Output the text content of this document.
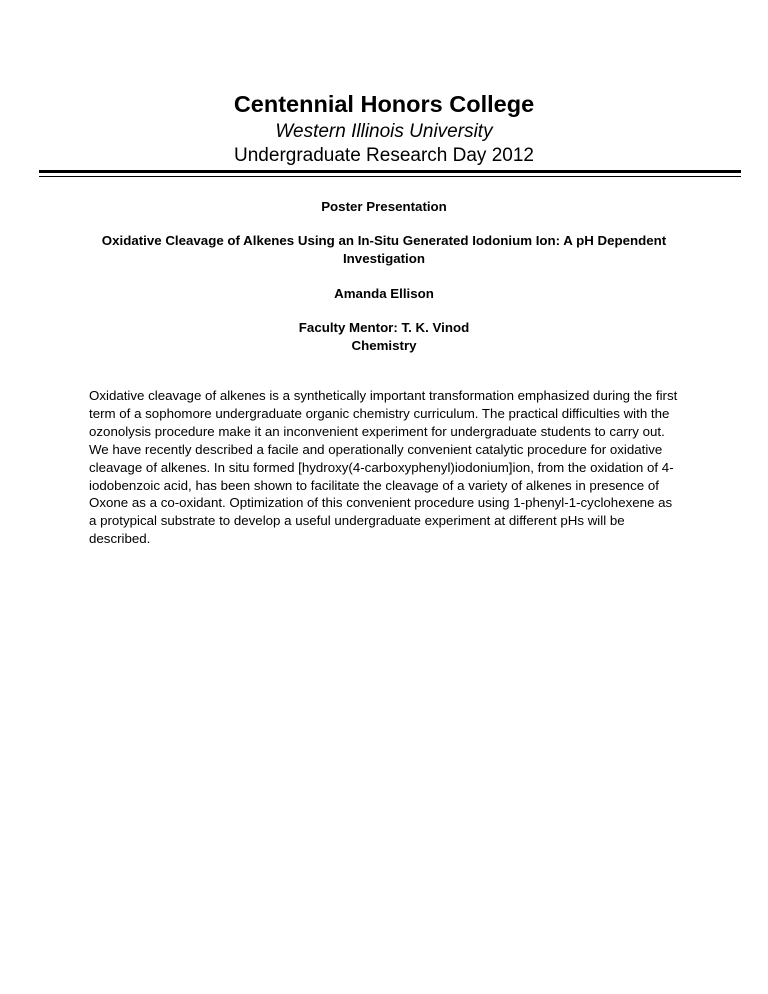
Centennial Honors College
Western Illinois University
Undergraduate Research Day 2012
Poster Presentation
Oxidative Cleavage of Alkenes Using an In-Situ Generated Iodonium Ion: A pH Dependent Investigation
Amanda Ellison
Faculty Mentor: T. K. Vinod
Chemistry

Oxidative cleavage of alkenes is a synthetically important transformation emphasized during the first term of a sophomore undergraduate organic chemistry curriculum. The practical difficulties with the ozonolysis procedure make it an inconvenient experiment for undergraduate students to carry out. We have recently described a facile and operationally convenient catalytic procedure for oxidative cleavage of alkenes. In situ formed [hydroxy(4-carboxyphenyl)iodonium]ion, from the oxidation of 4-iodobenzoic acid, has been shown to facilitate the cleavage of a variety of alkenes in presence of Oxone as a co-oxidant. Optimization of this convenient procedure using 1-phenyl-1-cyclohexene as a protypical substrate to develop a useful undergraduate experiment at different pHs will be described.
